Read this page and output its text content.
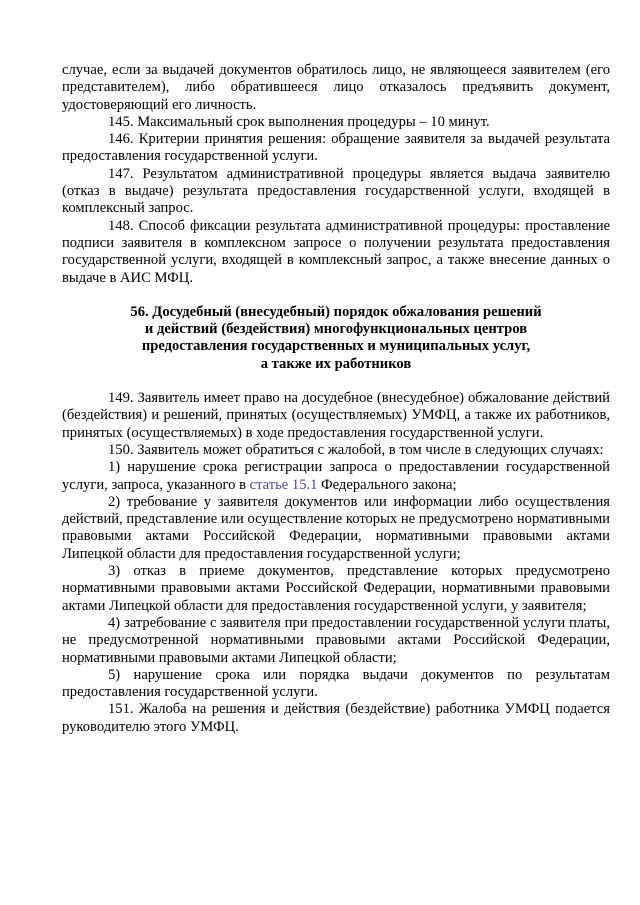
случае, если за выдачей документов обратилось лицо, не являющееся заявителем (его представителем), либо обратившееся лицо отказалось предъявить документ, удостоверяющий его личность.

145. Максимальный срок выполнения процедуры – 10 минут.

146. Критерии принятия решения: обращение заявителя за выдачей результата предоставления государственной услуги.

147. Результатом административной процедуры является выдача заявителю (отказ в выдаче) результата предоставления государственной услуги, входящей в комплексный запрос.

148. Способ фиксации результата административной процедуры: проставление подписи заявителя в комплексном запросе о получении результата предоставления государственной услуги, входящей в комплексный запрос, а также внесение данных о выдаче в АИС МФЦ.

56. Досудебный (внесудебный) порядок обжалования решений
и действий (бездействия) многофункциональных центров
предоставления государственных и муниципальных услуг,
а также их работников

149. Заявитель имеет право на досудебное (внесудебное) обжалование действий (бездействия) и решений, принятых (осуществляемых) УМФЦ, а также их работников, принятых (осуществляемых) в ходе предоставления государственной услуги.

150. Заявитель может обратиться с жалобой, в том числе в следующих случаях:

1) нарушение срока регистрации запроса о предоставлении государственной услуги, запроса, указанного в статье 15.1 Федерального закона;

2) требование у заявителя документов или информации либо осуществления действий, представление или осуществление которых не предусмотрено нормативными правовыми актами Российской Федерации, нормативными правовыми актами Липецкой области для предоставления государственной услуги;

3) отказ в приеме документов, представление которых предусмотрено нормативными правовыми актами Российской Федерации, нормативными правовыми актами Липецкой области для предоставления государственной услуги, у заявителя;

4) затребование с заявителя при предоставлении государственной услуги платы, не предусмотренной нормативными правовыми актами Российской Федерации, нормативными правовыми актами Липецкой области;

5) нарушение срока или порядка выдачи документов по результатам предоставления государственной услуги.

151. Жалоба на решения и действия (бездействие) работника УМФЦ подается руководителю этого УМФЦ.
